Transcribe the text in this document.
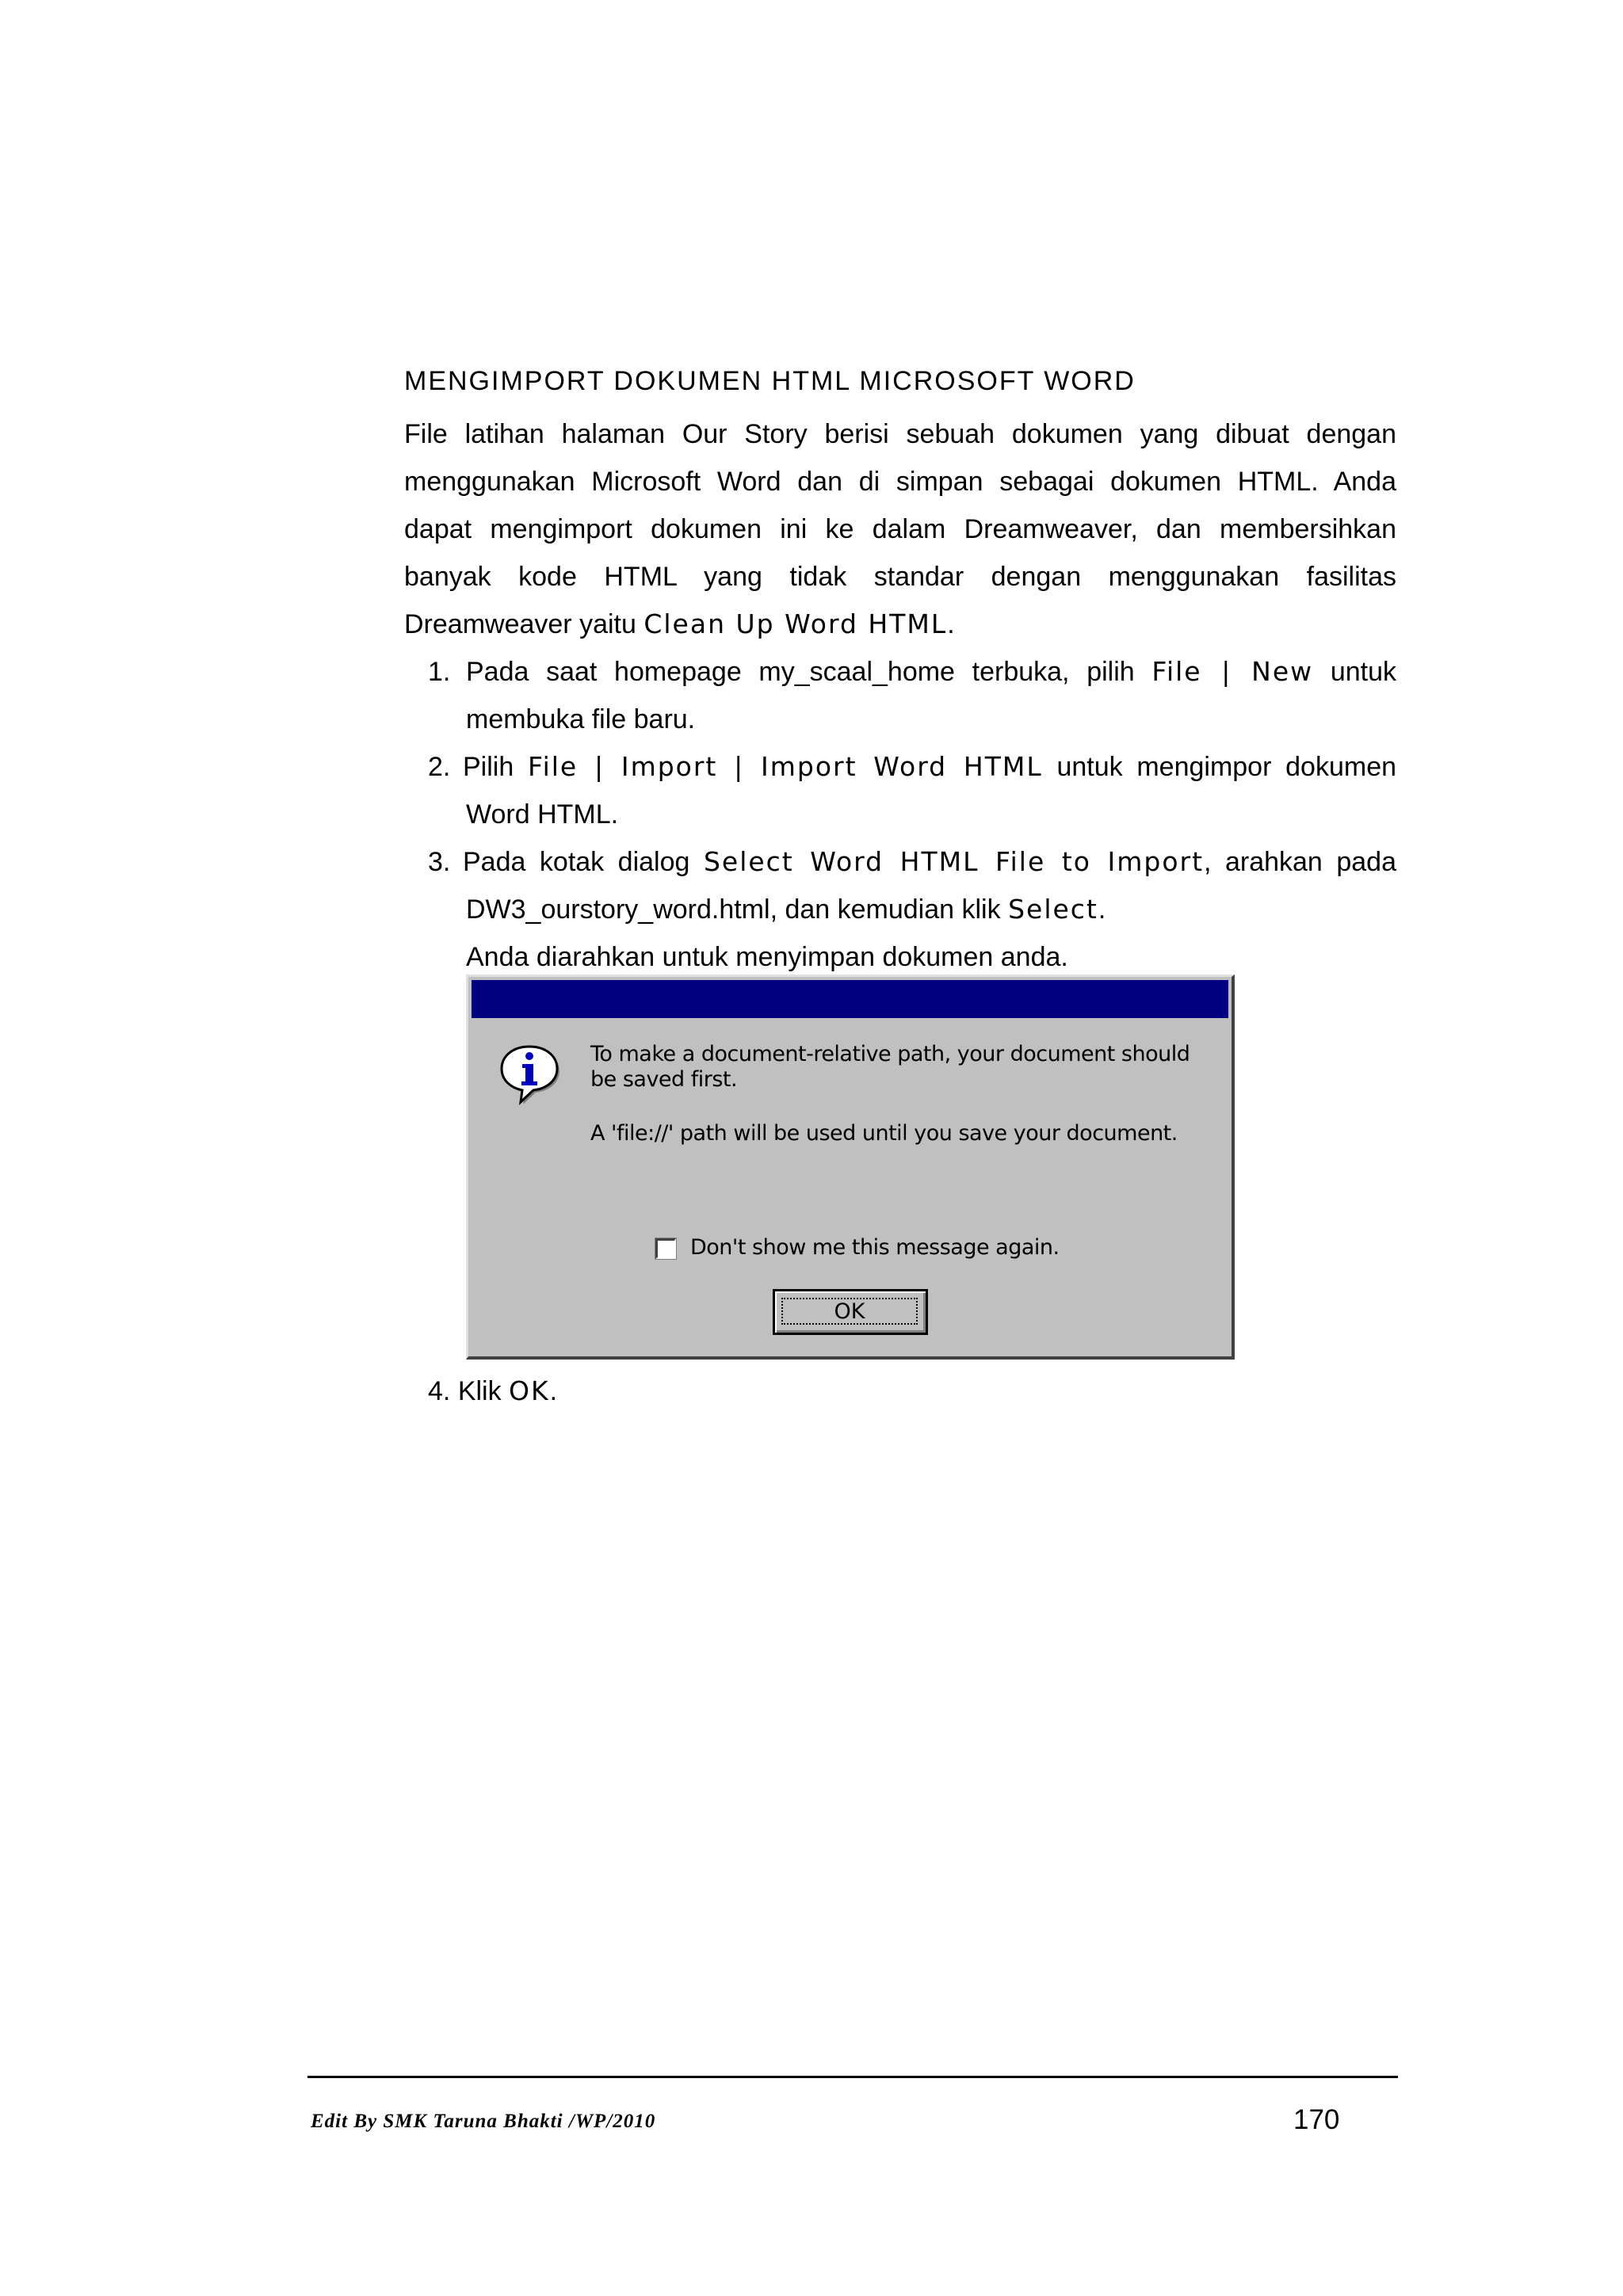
MENGIMPORT DOKUMEN HTML MICROSOFT WORD
File latihan halaman Our Story berisi sebuah dokumen yang dibuat dengan
menggunakan Microsoft Word dan di simpan sebagai dokumen HTML. Anda
dapat mengimport dokumen ini ke dalam Dreamweaver, dan membersihkan
banyak kode HTML yang tidak standar dengan menggunakan fasilitas
Dreamweaver yaitu Clean Up Word HTML.
1. Pada saat homepage my_scaal_home terbuka, pilih File | New untuk
membuka file baru.
2. Pilih File | Import | Import Word HTML untuk mengimpor dokumen
Word HTML.
3. Pada kotak dialog Select Word HTML File to Import, arahkan pada
DW3_ourstory_word.html, dan kemudian klik Select.
Anda diarahkan untuk menyimpan dokumen anda.
To make a document-relative path, your document should
be saved first.
A 'file://' path will be used until you save your document.
Don't show me this message again.
OK
4. Klik OK.
Edit By SMK Taruna Bhakti /WP/2010	170
